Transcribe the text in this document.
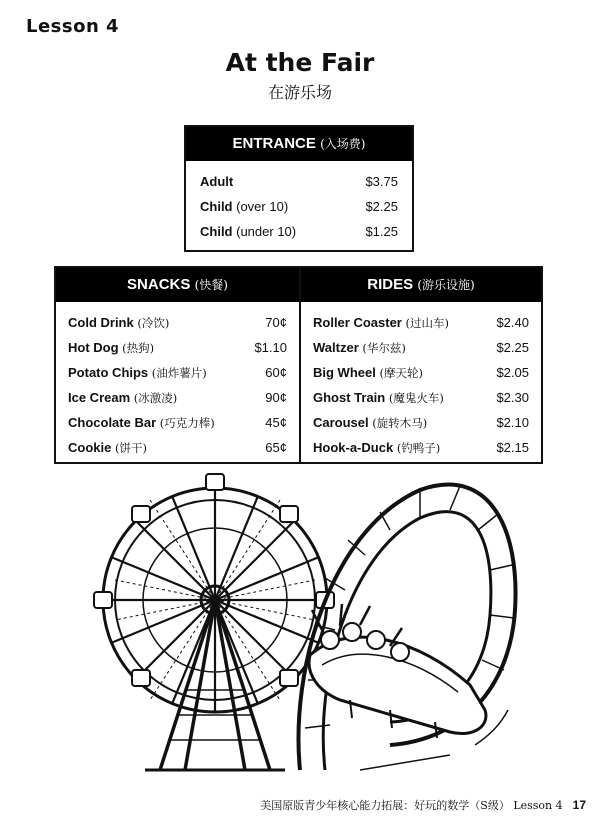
Lesson 4
At the Fair
在游乐场
ENTRANCE (入场费)
Adult	$3.75
Child (over 10)	$2.25
Child (under 10)	$1.25
SNACKS (快餐)
Cold Drink (冷饮)	70¢
Hot Dog (热狗)	$1.10
Potato Chips (油炸薯片)	60¢
Ice Cream (冰激凌)	90¢
Chocolate Bar (巧克力棒)	45¢
Cookie (饼干)	65¢
RIDES (游乐设施)
Roller Coaster (过山车)	$2.40
Waltzer (华尔兹)	$2.25
Big Wheel (摩天轮)	$2.05
Ghost Train (魔鬼火车)	$2.30
Carousel (旋转木马)	$2.10
Hook-a-Duck (钓鸭子)	$2.15
美国原版青少年核心能力拓展：好玩的数学（S级） Lesson 4 17
